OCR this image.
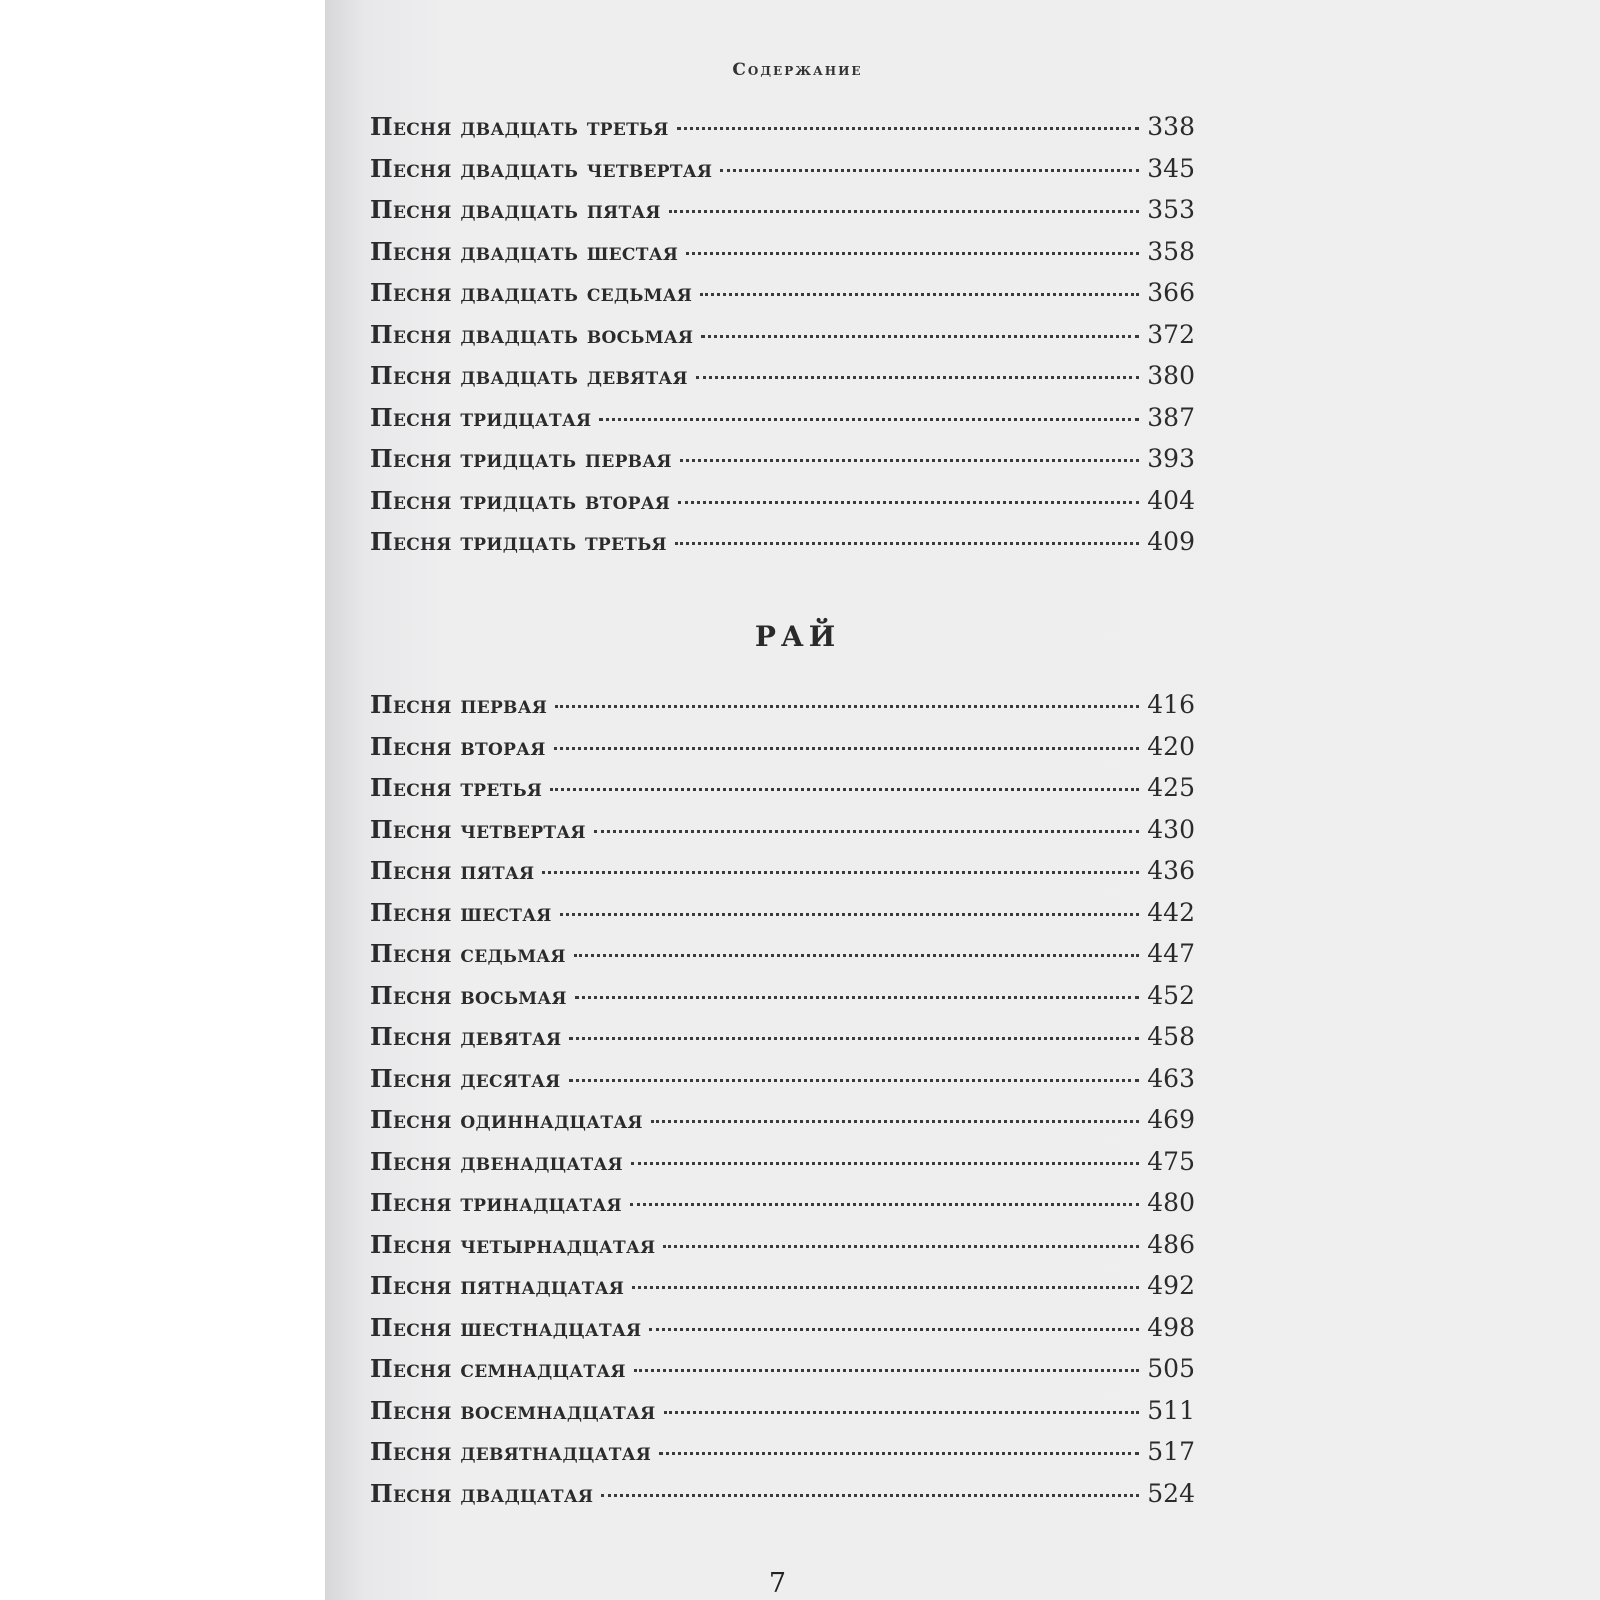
Содержание
Песня двадцать третья	338
Песня двадцать четвертая	345
Песня двадцать пятая	353
Песня двадцать шестая	358
Песня двадцать седьмая	366
Песня двадцать восьмая	372
Песня двадцать девятая	380
Песня тридцатая	387
Песня тридцать первая	393
Песня тридцать вторая	404
Песня тридцать третья	409
РАЙ
Песня первая	416
Песня вторая	420
Песня третья	425
Песня четвертая	430
Песня пятая	436
Песня шестая	442
Песня седьмая	447
Песня восьмая	452
Песня девятая	458
Песня десятая	463
Песня одиннадцатая	469
Песня двенадцатая	475
Песня тринадцатая	480
Песня четырнадцатая	486
Песня пятнадцатая	492
Песня шестнадцатая	498
Песня семнадцатая	505
Песня восемнадцатая	511
Песня девятнадцатая	517
Песня двадцатая	524
7
